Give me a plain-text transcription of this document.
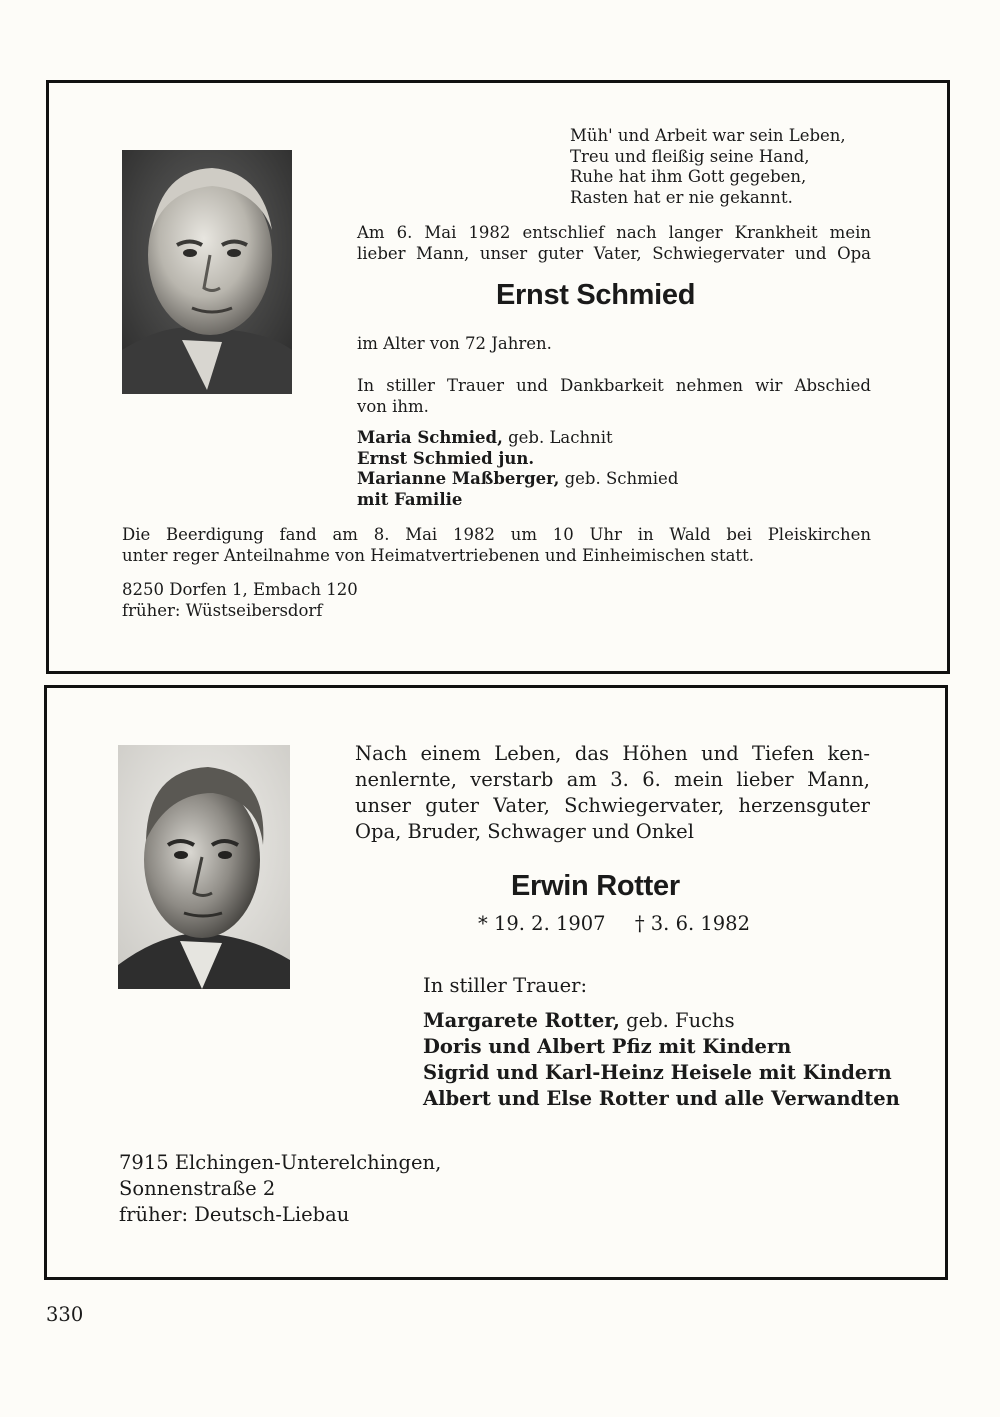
Müh' und Arbeit war sein Leben,
Treu und fleißig seine Hand,
Ruhe hat ihm Gott gegeben,
Rasten hat er nie gekannt.
Am 6. Mai 1982 entschlief nach langer Krankheit mein
lieber Mann, unser guter Vater, Schwiegervater und Opa
Ernst Schmied
im Alter von 72 Jahren.
In stiller Trauer und Dankbarkeit nehmen wir Abschied
von ihm.
Maria Schmied, geb. Lachnit
Ernst Schmied jun.
Marianne Maßberger, geb. Schmied
mit Familie
Die Beerdigung fand am 8. Mai 1982 um 10 Uhr in Wald bei Pleiskirchen
unter reger Anteilnahme von Heimatvertriebenen und Einheimischen statt.
8250 Dorfen 1, Embach 120
früher: Wüstseibersdorf
Nach einem Leben, das Höhen und Tiefen ken-
nenlernte, verstarb am 3. 6. mein lieber Mann,
unser guter Vater, Schwiegervater, herzensguter
Opa, Bruder, Schwager und Onkel
Erwin Rotter
* 19. 2. 1907 † 3. 6. 1982
In stiller Trauer:
Margarete Rotter, geb. Fuchs
Doris und Albert Pfiz mit Kindern
Sigrid und Karl-Heinz Heisele mit Kindern
Albert und Else Rotter und alle Verwandten
7915 Elchingen-Unterelchingen,
Sonnenstraße 2
früher: Deutsch-Liebau
330
